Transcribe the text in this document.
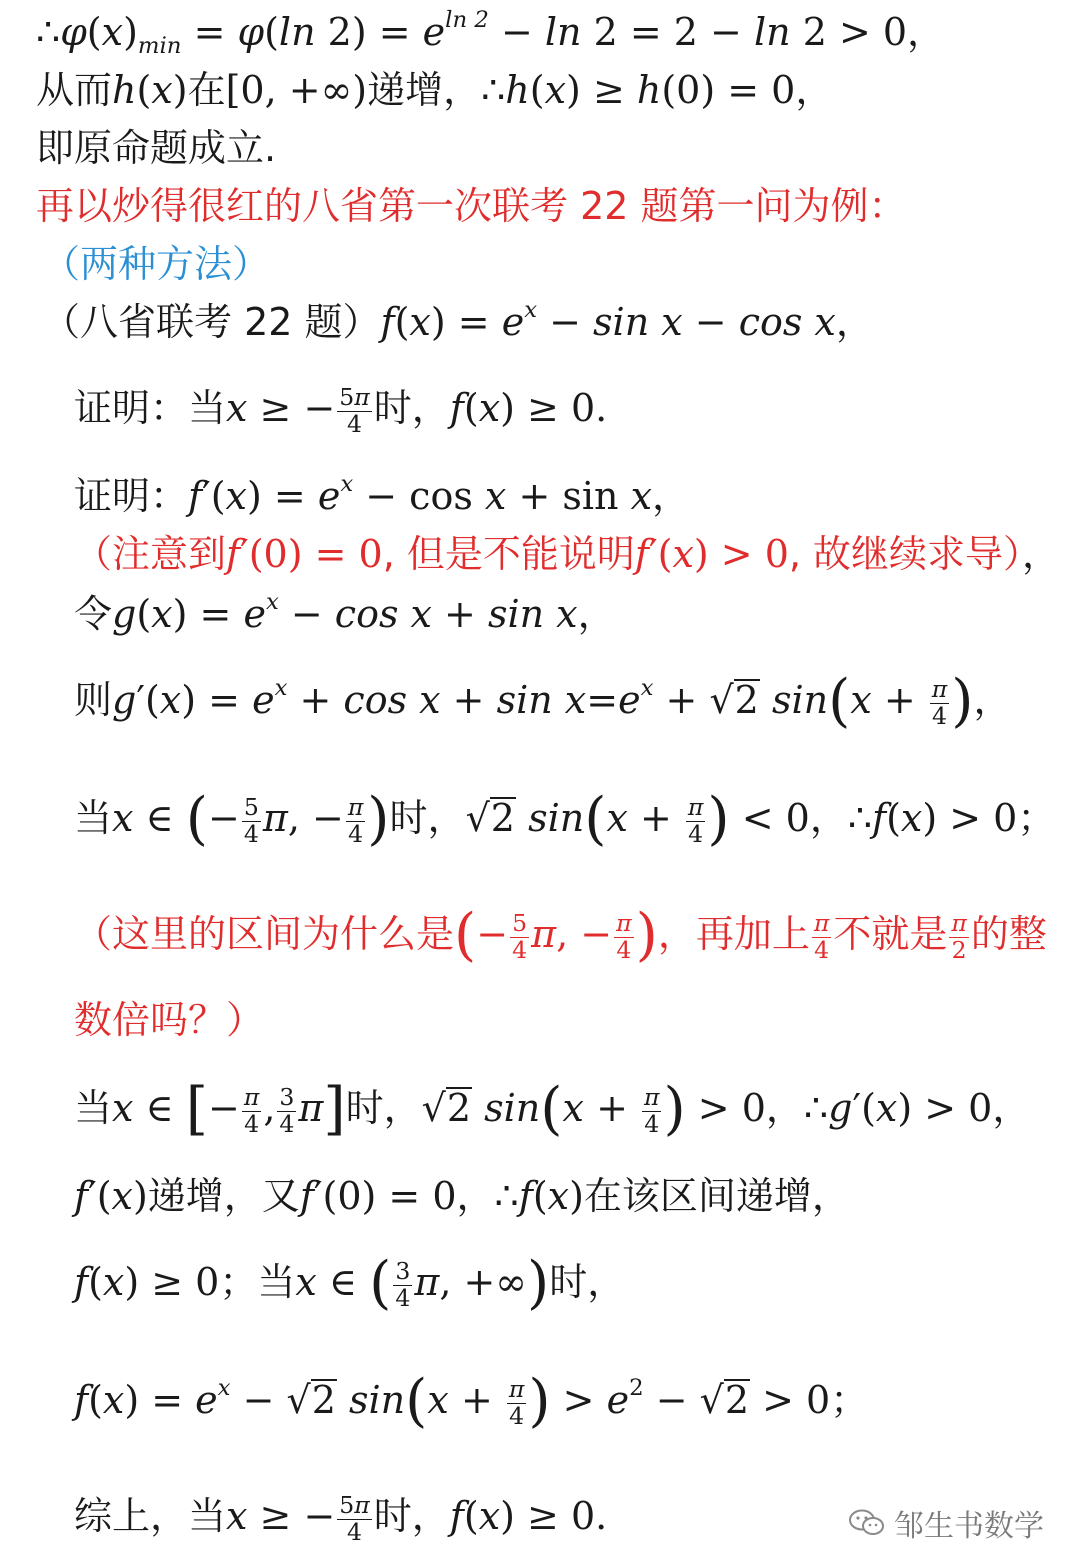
$\therefore\varphi(x)_{min} = \varphi(\ln$ $2) = e^{ln 2} - \ln 2 = 2 - \ln 2 > 0$，
从而h(x)在[0, +∞)递增，∴h(x) ≥ h(0) = 0，
即原命题成立.
再以炒得很红的八省第一次联考 22 题第一问为例：
（两种方法）
（八省联考 22 题）$f(x) = e^x - \sin x - \cos x$，
证明：当x ≥ − $\frac{5\pi}{4}$ 时，f(x) ≥ 0.
证明：$f'(x) = e^x - \cos x + \sin x$，
（注意到f′(0) = 0, 但是不能说明f′(x) > 0, 故继续求导），
令$g(x) = e^x - \cos x + \sin x$，
则$g'(x) = e^x + \cos x + \sin x=e^x + √2$ $\sin(x + \frac{\pi}{4}$ )，
当x ∈ (− $\frac{5}{4} \pi$, − $\frac{\pi}{4}$ )时，√2 $\sin(x + \frac{\pi}{4}$ ) < 0，∴f(x) > 0；
（这里的区间为什么是(− $\frac{5}{4} \pi$, − $\frac{\pi}{4}$ )，再加上 $\frac{\pi}{4}$ 不就是 $\frac{\pi}{2}$ 的整
数倍吗？）
当x ∈ [− $\frac{\pi}{4}$ , $\frac{3}{4} \pi$]时，√2 $\sin(x + \frac{\pi}{4}$ ) > 0，∴g′(x) > 0，
f′(x)递增，又f′(0) = 0，∴f(x)在该区间递增，
f(x) ≥ 0；当x ∈ ( $\frac{3}{4} \pi$, +∞)时，
$f(x) = e^x - √2$ $\sin(x + \frac{\pi}{4}$ ) > $e^2 - √2 > 0$；
综上，当x ≥ − $\frac{5\pi}{4}$ 时，f(x) ≥ 0.	邹生书数学
